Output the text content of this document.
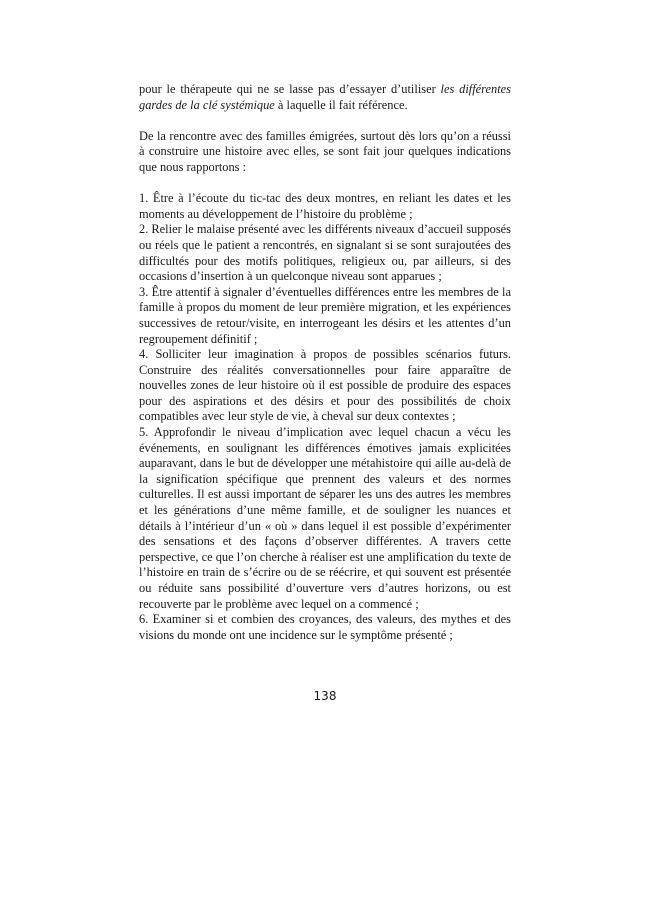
pour le thérapeute qui ne se lasse pas d’essayer d’utiliser les différentes gardes de la clé systémique à laquelle il fait référence.

De la rencontre avec des familles émigrées, surtout dès lors qu’on a réussi à construire une histoire avec elles, se sont fait jour quelques indications que nous rapportons :

1. Être à l’écoute du tic-tac des deux montres, en reliant les dates et les moments au développement de l’histoire du problème ;

2. Relier le malaise présenté avec les différents niveaux d’accueil supposés ou réels que le patient a rencontrés, en signalant si se sont surajoutées des difficultés pour des motifs politiques, religieux ou, par ailleurs, si des occasions d’insertion à un quelconque niveau sont apparues ;

3. Être attentif à signaler d’éventuelles différences entre les membres de la famille à propos du moment de leur première migration, et les expériences successives de retour/visite, en interrogeant les désirs et les attentes d’un regroupement définitif ;

4. Solliciter leur imagination à propos de possibles scénarios futurs. Construire des réalités conversationnelles pour faire apparaître de nouvelles zones de leur histoire où il est possible de produire des espaces pour des aspirations et des désirs et pour des possibilités de choix compatibles avec leur style de vie, à cheval sur deux contextes ;

5. Approfondir le niveau d’implication avec lequel chacun a vécu les événements, en soulignant les différences émotives jamais explicitées auparavant, dans le but de développer une métahistoire qui aille au-delà de la signification spécifique que prennent des valeurs et des normes culturelles. Il est aussi important de séparer les uns des autres les membres et les générations d’une même famille, et de souligner les nuances et détails à l’intérieur d’un « où » dans lequel il est possible d’expérimenter des sensations et des façons d’observer différentes. A travers cette perspective, ce que l’on cherche à réaliser est une amplification du texte de l’histoire en train de s’écrire ou de se réécrire, et qui souvent est présentée ou réduite sans possibilité d’ouverture vers d’autres horizons, ou est recouverte par le problème avec lequel on a commencé ;

6. Examiner si et combien des croyances, des valeurs, des mythes et des visions du monde ont une incidence sur le symptôme présenté ;

138
